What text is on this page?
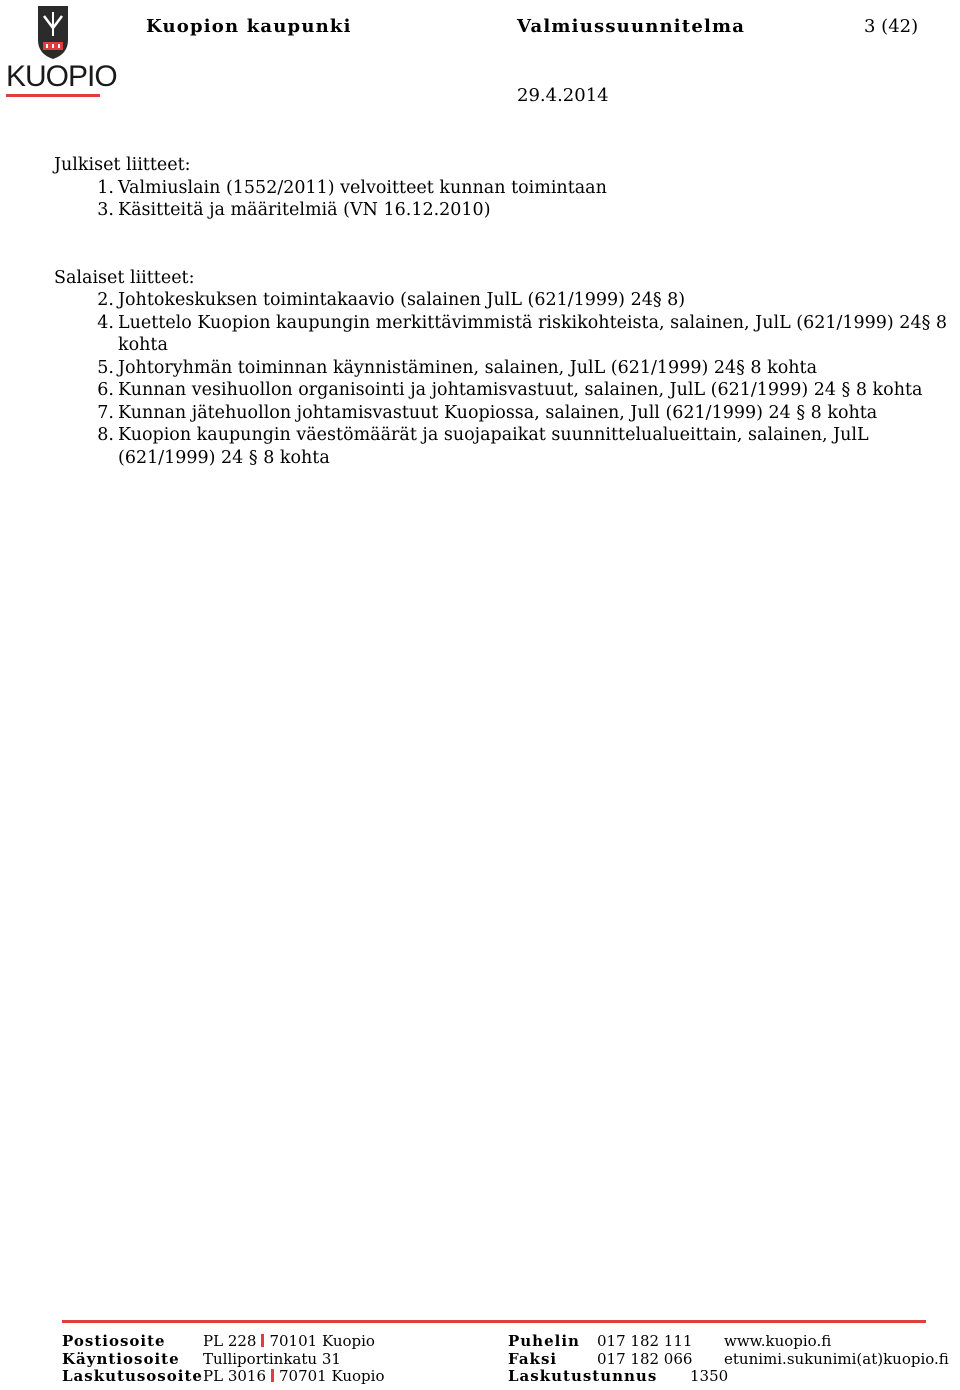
KUOPIO
Kuopion kaupunki	Valmiussuunnitelma	3 (42)
29.4.2014

Julkiset liitteet:

1. Valmiuslain (1552/2011) velvoitteet kunnan toimintaan
3. Käsitteitä ja määritelmiä (VN 16.12.2010)

Salaiset liitteet:

2. Johtokeskuksen toimintakaavio (salainen JulL (621/1999) 24§ 8)
4. Luettelo Kuopion kaupungin merkittävimmistä riskikohteista, salainen, JulL (621/1999) 24§ 8 kohta
5. Johtoryhmän toiminnan käynnistäminen, salainen, JulL (621/1999) 24§ 8 kohta
6. Kunnan vesihuollon organisointi ja johtamisvastuut, salainen, JulL (621/1999) 24 § 8 kohta
7. Kunnan jätehuollon johtamisvastuut Kuopiossa, salainen, Jull (621/1999) 24 § 8 kohta
8. Kuopion kaupungin väestömäärät ja suojapaikat suunnittelualueittain, salainen, JulL (621/1999) 24 § 8 kohta
Postiosoite PL 228 70101 Kuopio	Puhelin 017 182 111 www.kuopio.fi
Käyntiosoite Tulliportinkatu 31	Faksi	017 182 066 etunimi.sukunimi(at)kuopio.fi
Laskutusosoite PL 3016 70701 Kuopio	Laskutustunnus 1350
